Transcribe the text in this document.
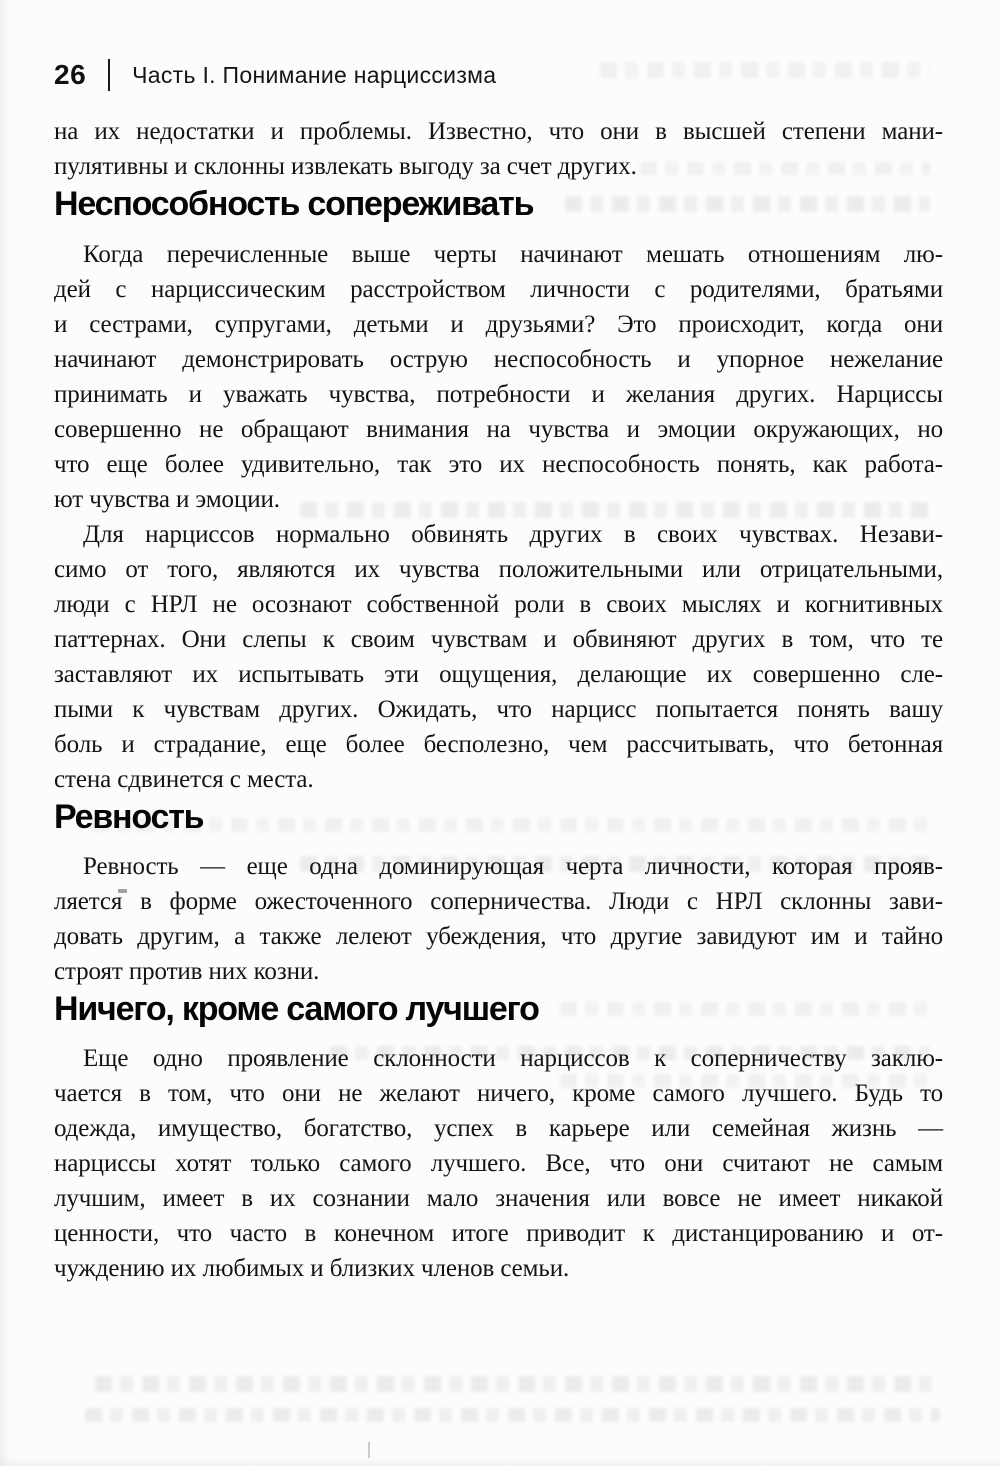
26 Часть I. Понимание нарциссизма
на их недостатки и проблемы. Известно, что они в высшей степени мани-
пулятивны и склонны извлекать выгоду за счет других.
Неспособность сопереживать
Когда перечисленные выше черты начинают мешать отношениям лю-
дей с нарциссическим расстройством личности с родителями, братьями
и сестрами, супругами, детьми и друзьями? Это происходит, когда они
начинают демонстрировать острую неспособность и упорное нежелание
принимать и уважать чувства, потребности и желания других. Нарциссы
совершенно не обращают внимания на чувства и эмоции окружающих, но
что еще более удивительно, так это их неспособность понять, как работа-
ют чувства и эмоции.
Для нарциссов нормально обвинять других в своих чувствах. Незави-
симо от того, являются их чувства положительными или отрицательными,
люди с НРЛ не осознают собственной роли в своих мыслях и когнитивных
паттернах. Они слепы к своим чувствам и обвиняют других в том, что те
заставляют их испытывать эти ощущения, делающие их совершенно сле-
пыми к чувствам других. Ожидать, что нарцисс попытается понять вашу
боль и страдание, еще более бесполезно, чем рассчитывать, что бетонная
стена сдвинется с места.
Ревность
Ревность — еще одна доминирующая черта личности, которая прояв-
ляется в форме ожесточенного соперничества. Люди с НРЛ склонны зави-
довать другим, а также лелеют убеждения, что другие завидуют им и тайно
строят против них козни.
Ничего, кроме самого лучшего
Еще одно проявление склонности нарциссов к соперничеству заклю-
чается в том, что они не желают ничего, кроме самого лучшего. Будь то
одежда, имущество, богатство, успех в карьере или семейная жизнь —
нарциссы хотят только самого лучшего. Все, что они считают не самым
лучшим, имеет в их сознании мало значения или вовсе не имеет никакой
ценности, что часто в конечном итоге приводит к дистанцированию и от-
чуждению их любимых и близких членов семьи.
